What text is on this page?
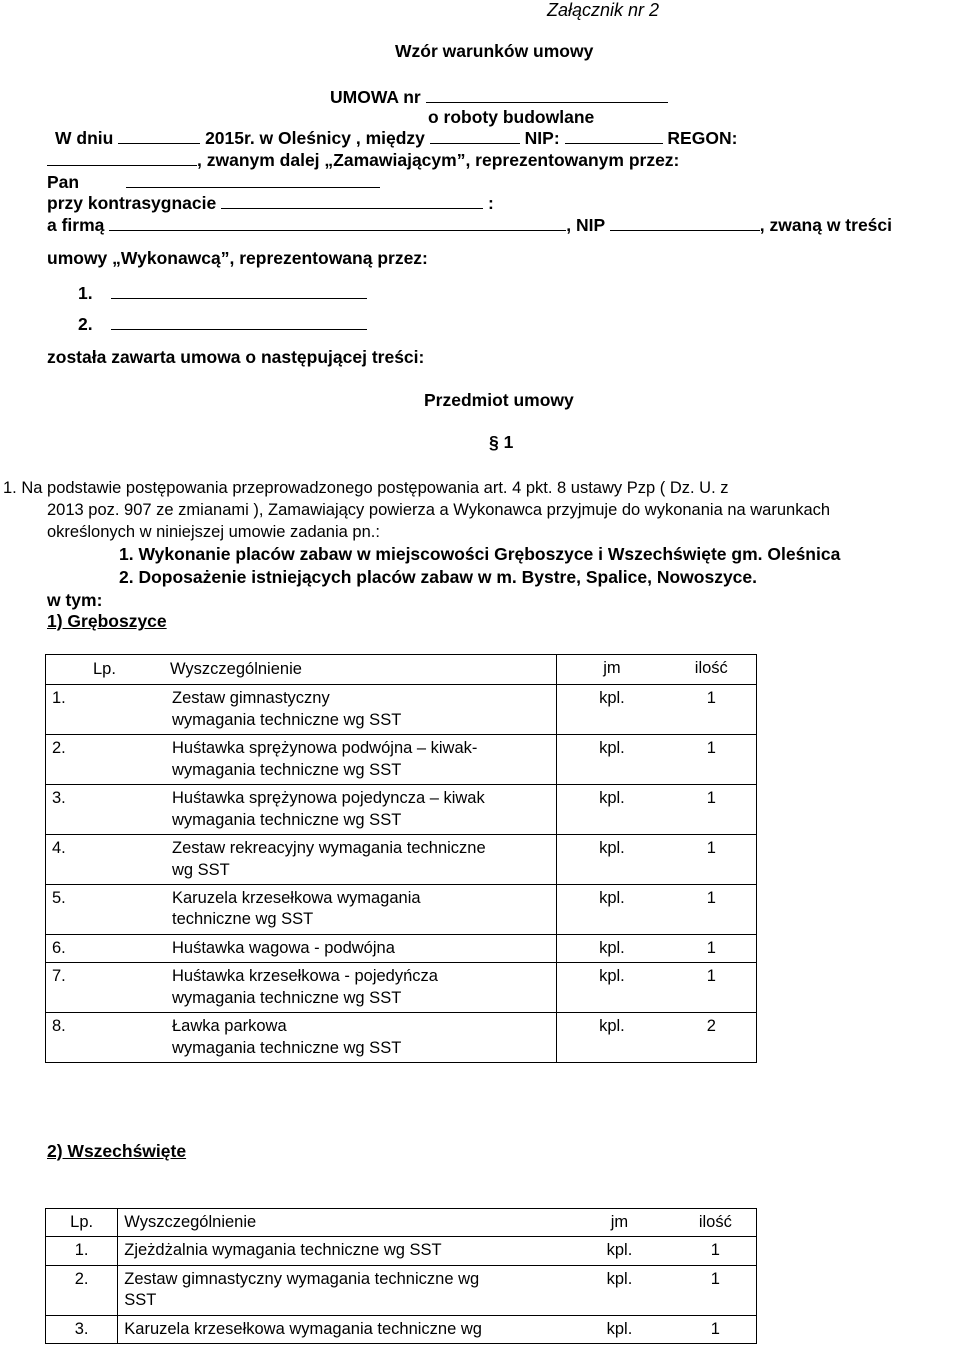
Załącznik nr 2
Wzór warunków umowy
UMOWA nr
o roboty budowlane
W dniu	2015r. w Oleśnicy , między	NIP:	REGON:
, zwanym dalej „Zamawiającym”, reprezentowanym przez:
Pan
przy kontrasygnacie	:
a firmą	, NIP	, zwaną w treści
umowy „Wykonawcą”, reprezentowaną przez:
1.
2.
została zawarta umowa o następującej treści:
Przedmiot umowy
§ 1
1. Na podstawie postępowania przeprowadzonego postępowania art. 4 pkt. 8 ustawy Pzp ( Dz. U. z
2013 poz. 907 ze zmianami ), Zamawiający powierza a Wykonawca przyjmuje do wykonania na warunkach
określonych w niniejszej umowie zadania pn.:
1. Wykonanie placów zabaw w miejscowości Gręboszyce i Wszechświęte gm. Oleśnica
2. Doposażenie istniejących placów zabaw w m. Bystre, Spalice, Nowoszyce.
w tym:
1) Gręboszyce
Lp. Wyszczególnienie	jm	ilość

1. Zestaw gimnastyczny
wymagania techniczne wg SST	kpl.	1

2. Huśtawka sprężynowa podwójna – kiwak-
wymagania techniczne wg SST	kpl.	1

3. Huśtawka sprężynowa pojedyncza – kiwak
wymagania techniczne wg SST	kpl.	1

4. Zestaw rekreacyjny wymagania techniczne
wg SST	kpl.	1

5. Karuzela krzesełkowa wymagania
techniczne wg SST	kpl.	1

6. Huśtawka wagowa - podwójna	kpl.	1

7. Huśtawka krzesełkowa - pojedyńcza
wymagania techniczne wg SST	kpl.	1

8. Ławka parkowa
wymagania techniczne wg SST	kpl.	2
2) Wszechświęte
Lp.	Wyszczególnienie	jm	ilość
1.	Zjeżdżalnia wymagania techniczne wg SST	kpl.	1
2.	Zestaw gimnastyczny wymagania techniczne wg
SST	kpl.	1
3.	Karuzela krzesełkowa wymagania techniczne wg	kpl.	1
